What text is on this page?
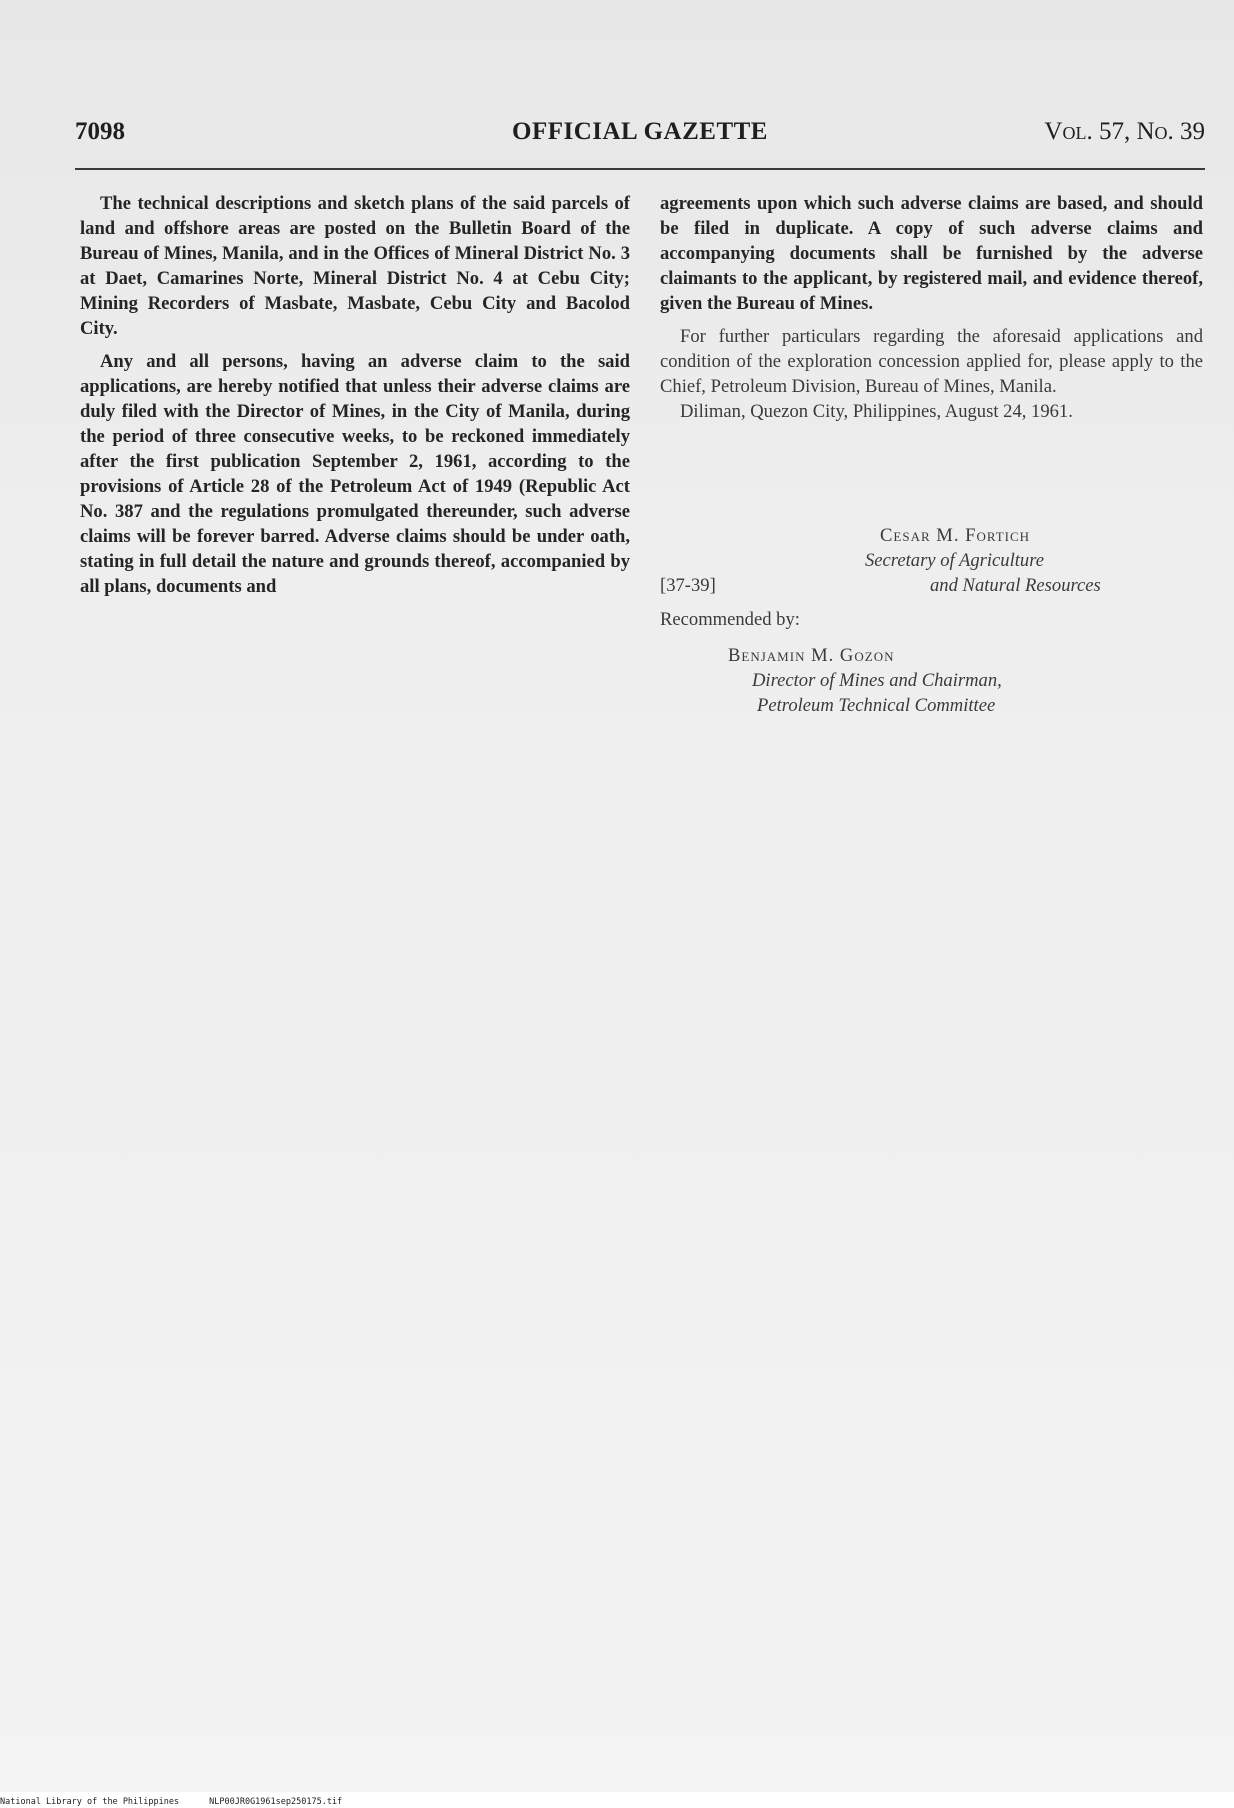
7098	OFFICIAL GAZETTE	Vol. 57, No. 39

The technical descriptions and sketch plans of the said parcels of land and offshore areas are posted on the Bulletin Board of the Bureau of Mines, Manila, and in the Offices of Mineral District No. 3 at Daet, Camarines Norte, Mineral District No. 4 at Cebu City; Mining Recorders of Masbate, Masbate, Cebu City and Bacolod City.

Any and all persons, having an adverse claim to the said applications, are hereby notified that unless their adverse claims are duly filed with the Director of Mines, in the City of Manila, during the period of three consecutive weeks, to be reckoned immediately after the first publication September 2, 1961, according to the provisions of Article 28 of the Petroleum Act of 1949 (Republic Act No. 387 and the regulations promulgated thereunder, such adverse claims will be forever barred. Adverse claims should be under oath, stating in full detail the nature and grounds thereof, accompanied by all plans, documents and

agreements upon which such adverse claims are based, and should be filed in duplicate. A copy of such adverse claims and accompanying documents shall be furnished by the adverse claimants to the applicant, by registered mail, and evidence thereof, given the Bureau of Mines.

For further particulars regarding the aforesaid applications and condition of the exploration concession applied for, please apply to the Chief, Petroleum Division, Bureau of Mines, Manila.

Diliman, Quezon City, Philippines, August 24, 1961.

Cesar M. Fortich
Secretary of Agriculture
[37-39]	and Natural Resources
Recommended by:
Benjamin M. Gozon
Director of Mines and Chairman,
Petroleum Technical Committee
National Library of the Philippines	NLP00JR0G1961sep250175.tif
